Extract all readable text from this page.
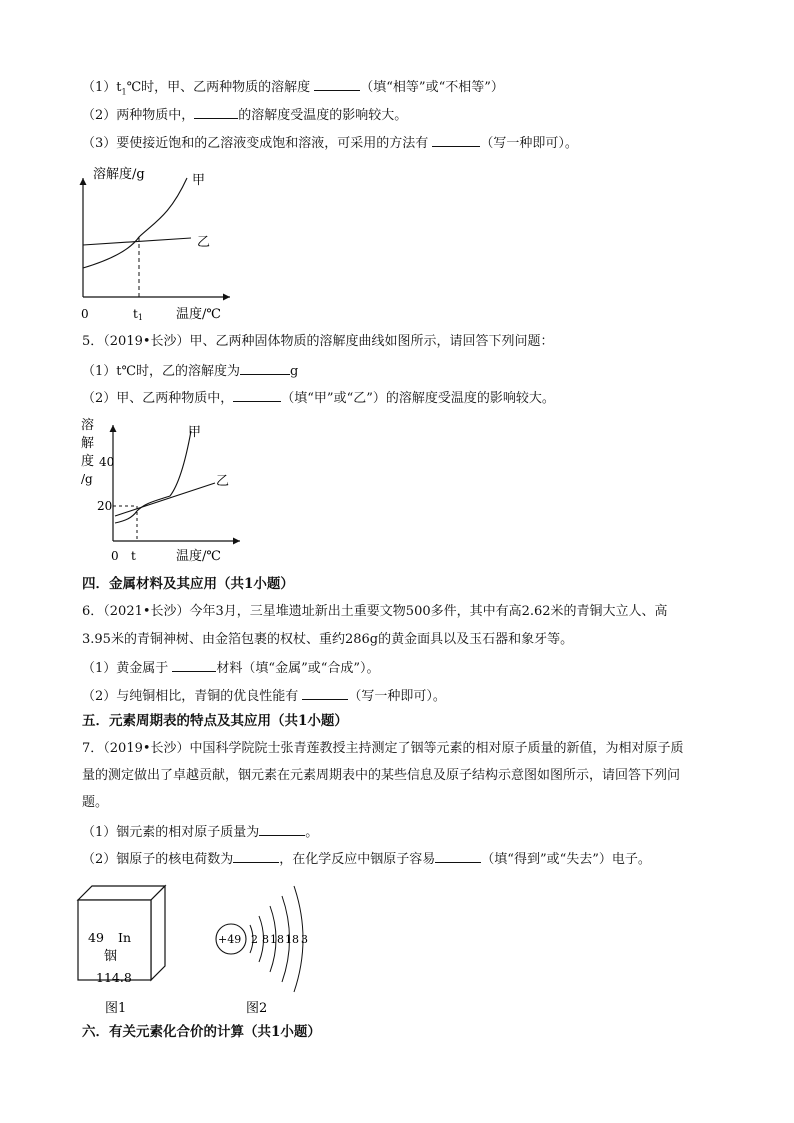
$(1)t_1℃$时，甲、乙两种物质的溶解度	（填“相等”或“不相等”）
（2）两种物质中，	的溶解度受温度的影响较大。
（3）要使接近饱和的乙溶液变成饱和溶液，可采用的方法有	（写一种即可）。
溶解度/g	甲
乙
0	t1	温度/℃
5．（2019•长沙）甲、乙两种固体物质的溶解度曲线如图所示，请回答下列问题：
（1）t℃时，乙的溶解度为	g
（2）甲、乙两种物质中，	（填“甲”或“乙”）的溶解度受温度的影响较大。
溶
解
度
/g
40
20
0 t	温度/℃
甲
乙
四．金属材料及其应用（共1小题）
6．（2021•长沙）今年3月，三星堆遗址新出土重要文物500多件，其中有高2.62米的青铜大立人、高
3.95米的青铜神树、由金箔包裹的权杖、重约286g的黄金面具以及玉石器和象牙等。
（1）黄金属于	材料（填“金属”或“合成”）。
（2）与纯铜相比，青铜的优良性能有	（写一种即可）。
五．元素周期表的特点及其应用（共1小题）
7．（2019•长沙）中国科学院院士张青莲教授主持测定了铟等元素的相对原子质量的新值，为相对原子质
量的测定做出了卓越贡献，铟元素在元素周期表中的某些信息及原子结构示意图如图所示，请回答下列问
题。
（1）铟元素的相对原子质量为	。
（2）铟原子的核电荷数为	，在化学反应中铟原子容易	（填“得到”或“失去”）电子。
49 In
铟
114.8
图1
+49 2 8 18 18 3
图2
六．有关元素化合价的计算（共1小题）
